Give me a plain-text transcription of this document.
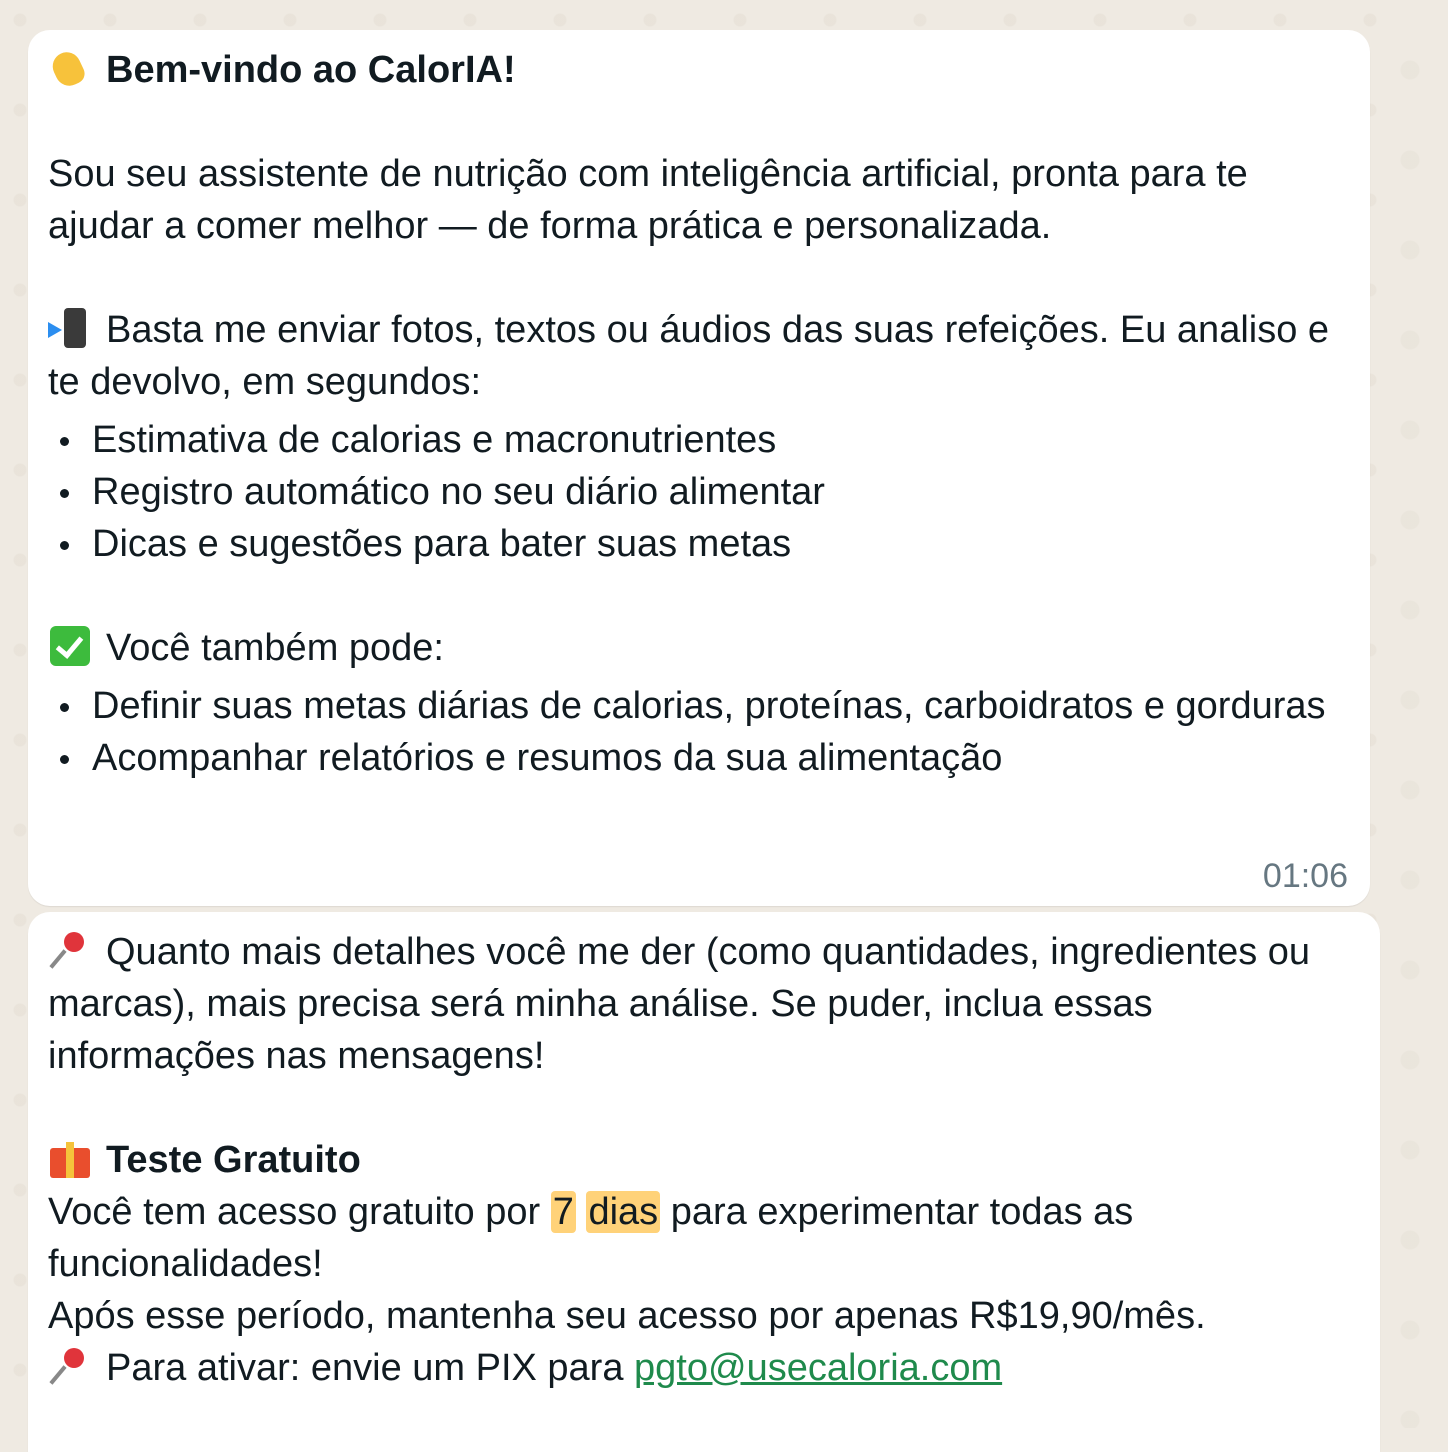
Bem-vindo ao CalorIA!

Sou seu assistente de nutrição com inteligência artificial, pronta para te ajudar a comer melhor — de forma prática e personalizada.

Basta me enviar fotos, textos ou áudios das suas refeições. Eu analiso e te devolvo, em segundos:

Estimativa de calorias e macronutrientes
Registro automático no seu diário alimentar
Dicas e sugestões para bater suas metas

Você também pode:

Definir suas metas diárias de calorias, proteínas, carboidratos e gorduras
Acompanhar relatórios e resumos da sua alimentação
01:06

Quanto mais detalhes você me der (como quantidades, ingredientes ou marcas), mais precisa será minha análise. Se puder, inclua essas informações nas mensagens!

Teste Gratuito

Você tem acesso gratuito por 7 dias para experimentar todas as funcionalidades!

Após esse período, mantenha seu acesso por apenas R$19,90/mês.

Para ativar: envie um PIX para pgto@usecaloria.com
